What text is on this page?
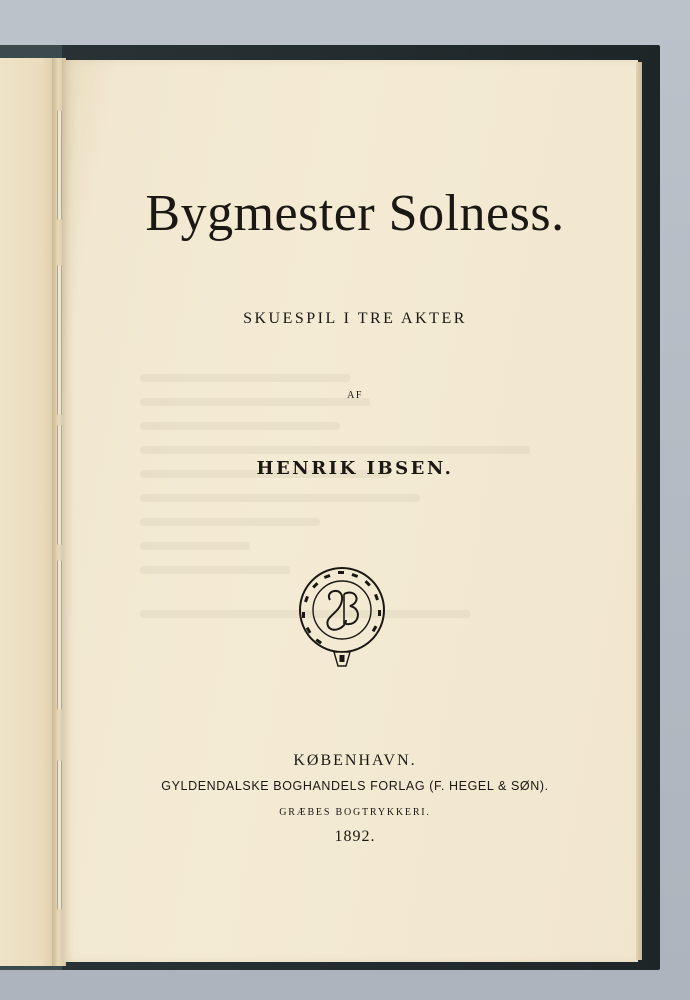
Bygmester Solness.

SKUESPIL I TRE AKTER

AF

HENRIK IBSEN.

KØBENHAVN.

GYLDENDALSKE BOGHANDELS FORLAG (F. HEGEL & SØN).

GRÆBES BOGTRYKKERI.

1892.
